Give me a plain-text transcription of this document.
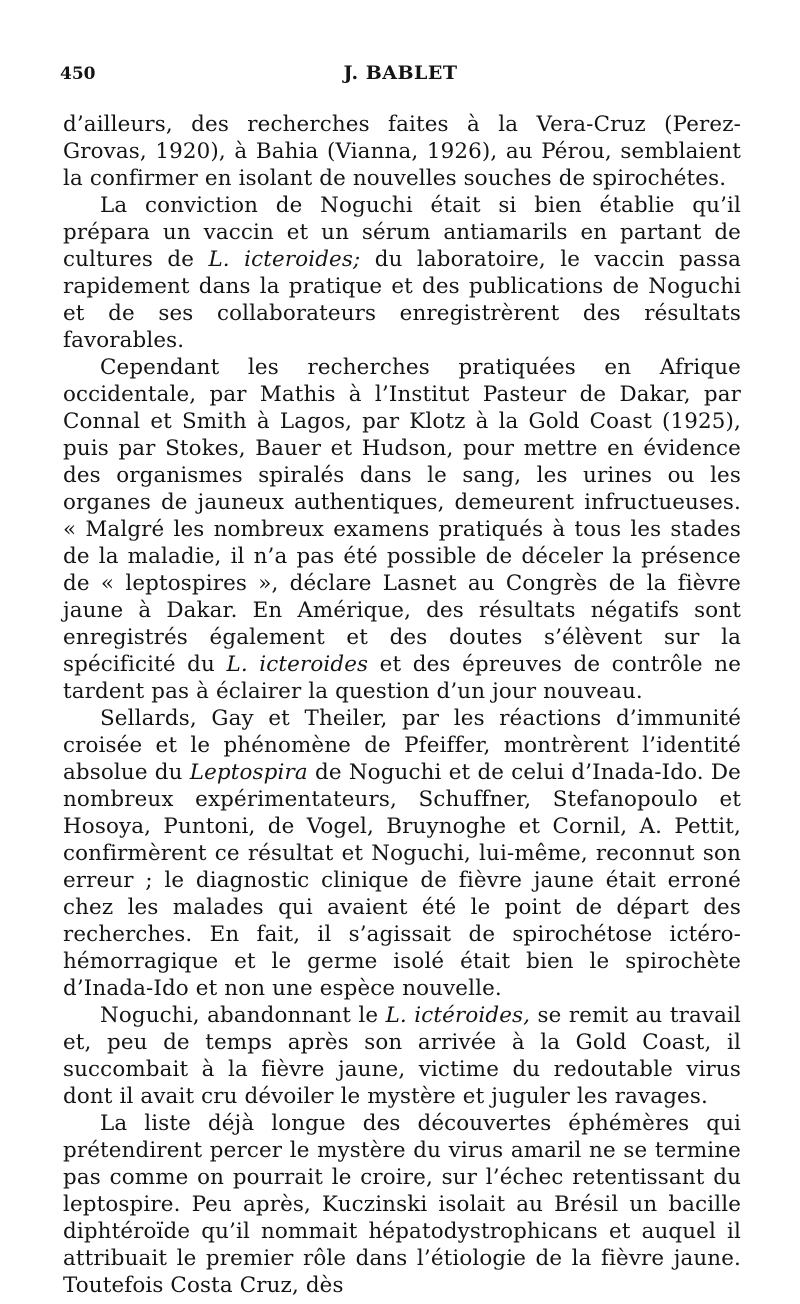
450	J. BABLET

d’ailleurs, des recherches faites à la Vera-Cruz (Perez-Grovas, 1920), à Bahia (Vianna, 1926), au Pérou, semblaient la confirmer en isolant de nouvelles souches de spirochétes.

La conviction de Noguchi était si bien établie qu’il prépara un vaccin et un sérum antiamarils en partant de cultures de L. icteroides; du laboratoire, le vaccin passa rapidement dans la pratique et des publications de Noguchi et de ses collaborateurs enregistrèrent des résultats favorables.

Cependant les recherches pratiquées en Afrique occidentale, par Mathis à l’Institut Pasteur de Dakar, par Connal et Smith à Lagos, par Klotz à la Gold Coast (1925), puis par Stokes, Bauer et Hudson, pour mettre en évidence des organismes spiralés dans le sang, les urines ou les organes de jauneux authentiques, demeurent infructueuses. « Malgré les nombreux examens pratiqués à tous les stades de la maladie, il n’a pas été possible de déceler la présence de « leptospires », déclare Lasnet au Congrès de la fièvre jaune à Dakar. En Amérique, des résultats négatifs sont enregistrés également et des doutes s’élèvent sur la spécificité du L. icteroides et des épreuves de contrôle ne tardent pas à éclairer la question d’un jour nouveau.

Sellards, Gay et Theiler, par les réactions d’immunité croisée et le phénomène de Pfeiffer, montrèrent l’identité absolue du Leptospira de Noguchi et de celui d’Inada-Ido. De nombreux expérimentateurs, Schuffner, Stefanopoulo et Hosoya, Puntoni, de Vogel, Bruynoghe et Cornil, A. Pettit, confirmèrent ce résultat et Noguchi, lui-même, reconnut son erreur ; le diagnostic clinique de fièvre jaune était erroné chez les malades qui avaient été le point de départ des recherches. En fait, il s’agissait de spirochétose ictéro-hémorragique et le germe isolé était bien le spirochète d’Inada-Ido et non une espèce nouvelle.

Noguchi, abandonnant le L. ictéroides, se remit au travail et, peu de temps après son arrivée à la Gold Coast, il succombait à la fièvre jaune, victime du redoutable virus dont il avait cru dévoiler le mystère et juguler les ravages.

La liste déjà longue des découvertes éphémères qui prétendirent percer le mystère du virus amaril ne se termine pas comme on pourrait le croire, sur l’échec retentissant du leptospire. Peu après, Kuczinski isolait au Brésil un bacille diphtéroïde qu’il nommait hépatodystrophicans et auquel il attribuait le premier rôle dans l’étiologie de la fièvre jaune. Toutefois Costa Cruz, dès
